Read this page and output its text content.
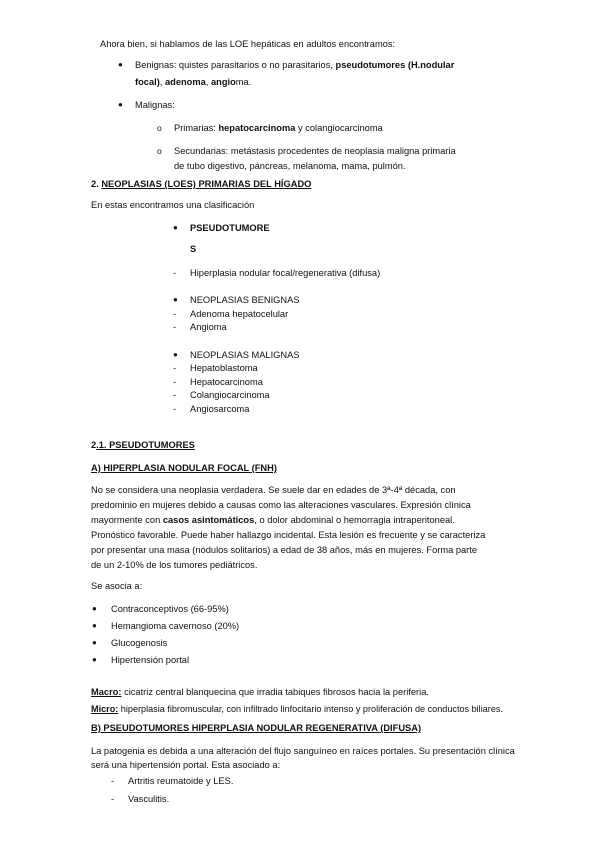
Ahora bien, si hablamos de las LOE hepáticas en adultos encontramos:
● Benignas: quistes parasitarios o no parasitarios, pseudotumores (H.nodular
focal), adenoma, angioma.
● Malignas:
o Primarias: hepatocarcinoma y colangiocarcinoma
o Secundarias: metástasis procedentes de neoplasia maligna primaria
de tubo digestivo, páncreas, melanoma, mama, pulmón.
2. NEOPLASIAS (LOES) PRIMARIAS DEL HÍGADO
En estas encontramos una clasificación
● PSEUDOTUMORE
S
- Hiperplasia nodular focal/regenerativa (difusa)
● NEOPLASIAS BENIGNAS
- Adenoma hepatocelular
- Angioma
● NEOPLASIAS MALIGNAS
- Hepatoblastoma
- Hepatocarcinoma
- Colangiocarcinoma
- Angiosarcoma
2.1. PSEUDOTUMORES
A) HIPERPLASIA NODULAR FOCAL (FNH)
No se considera una neoplasia verdadera. Se suele dar en edades de 3ª-4ª década, con
predominio en mujeres debido a causas como las alteraciones vasculares. Expresión clínica
mayormente con casos asintomáticos, o dolor abdominal o hemorragia intraperitoneal.
Pronóstico favorable. Puede haber hallazgo incidental. Esta lesión es frecuente y se caracteriza
por presentar una masa (nódulos solitarios) a edad de 38 años, más en mujeres. Forma parte
de un 2-10% de los tumores pediátricos.
Se asocia a:
● Contraconceptivos (66-95%)
● Hemangioma cavernoso (20%)
● Glucogenosis
● Hipertensión portal
Macro: cicatriz central blanquecina que irradia tabiques fibrosos hacia la periferia.
Micro: hiperplasia fibromuscular, con infiltrado linfocitario intenso y proliferación de conductos biliares.
B) PSEUDOTUMORES HIPERPLASIA NODULAR REGENERATIVA (DIFUSA)
La patogenia es debida a una alteración del flujo sanguíneo en raíces portales. Su presentación clínica
será una hipertensión portal. Esta asociado a:
- Artritis reumatoide y LES.
- Vasculitis.
